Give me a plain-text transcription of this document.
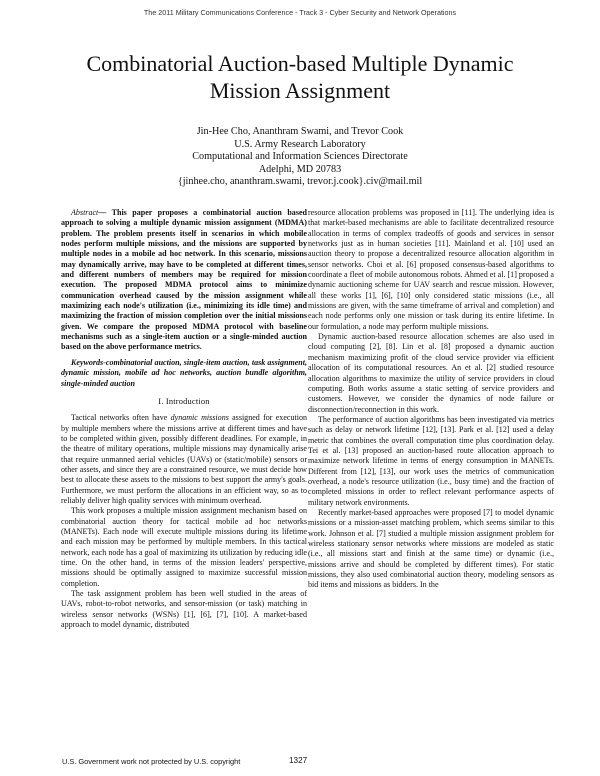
The 2011 Military Communications Conference - Track 3 - Cyber Security and Network Operations
Combinatorial Auction-based Multiple Dynamic
Mission Assignment
Jin-Hee Cho, Ananthram Swami, and Trevor Cook
U.S. Army Research Laboratory
Computational and Information Sciences Directorate
Adelphi, MD 20783
{jinhee.cho, ananthram.swami, trevor.j.cook}.civ@mail.mil

Abstract— This paper proposes a combinatorial auction based approach to solving a multiple dynamic mission assignment (MDMA) problem. The problem presents itself in scenarios in which mobile nodes perform multiple missions, and the missions are supported by multiple nodes in a mobile ad hoc network. In this scenario, missions may dynamically arrive, may have to be completed at different times, and different numbers of members may be required for mission execution. The proposed MDMA protocol aims to minimize communication overhead caused by the mission assignment while maximizing each node's utilization (i.e., minimizing its idle time) and maximizing the fraction of mission completion over the initial missions given. We compare the proposed MDMA protocol with baseline mechanisms such as a single-item auction or a single-minded auction based on the above performance metrics.

Keywords-combinatorial auction, single-item auction, task assignment, dynamic mission, mobile ad hoc networks, auction bundle algorithm, single-minded auction

I. Introduction

Tactical networks often have dynamic missions assigned for execution by multiple members where the missions arrive at different times and have to be completed within given, possibly different deadlines. For example, in the theatre of military operations, multiple missions may dynamically arise that require unmanned aerial vehicles (UAVs) or (static/mobile) sensors or other assets, and since they are a constrained resource, we must decide how best to allocate these assets to the missions to best support the army's goals. Furthermore, we must perform the allocations in an efficient way, so as to reliably deliver high quality services with minimum overhead.

This work proposes a multiple mission assignment mechanism based on combinatorial auction theory for tactical mobile ad hoc networks (MANETs). Each node will execute multiple missions during its lifetime and each mission may be performed by multiple members. In this tactical network, each node has a goal of maximizing its utilization by reducing idle time. On the other hand, in terms of the mission leaders' perspective, missions should be optimally assigned to maximize successful mission completion.

The task assignment problem has been well studied in the areas of UAVs, robot-to-robot networks, and sensor-mission (or task) matching in wireless sensor networks (WSNs) [1], [6], [7], [10]. A market-based approach to model dynamic, distributed

resource allocation problems was proposed in [11]. The underlying idea is that market-based mechanisms are able to facilitate decentralized resource allocation in terms of complex tradeoffs of goods and services in sensor networks just as in human societies [11]. Mainland et al. [10] used an auction theory to propose a decentralized resource allocation algorithm in sensor networks. Choi et al. [6] proposed consensus-based algorithms to coordinate a fleet of mobile autonomous robots. Ahmed et al. [1] proposed a dynamic auctioning scheme for UAV search and rescue mission. However, all these works [1], [6], [10] only considered static missions (i.e., all missions are given, with the same timeframe of arrival and completion) and each node performs only one mission or task during its entire lifetime. In our formulation, a node may perform multiple missions.

Dynamic auction-based resource allocation schemes are also used in cloud computing [2], [8]. Lin et al. [8] proposed a dynamic auction mechanism maximizing profit of the cloud service provider via efficient allocation of its computational resources. An et al. [2] studied resource allocation algorithms to maximize the utility of service providers in cloud computing. Both works assume a static setting of service providers and customers. However, we consider the dynamics of node failure or disconnection/reconnection in this work.

The performance of auction algorithms has been investigated via metrics such as delay or network lifetime [12], [13]. Park et al. [12] used a delay metric that combines the overall computation time plus coordination delay. Tei et al. [13] proposed an auction-based route allocation approach to maximize network lifetime in terms of energy consumption in MANETs. Different from [12], [13], our work uses the metrics of communication overhead, a node's resource utilization (i.e., busy time) and the fraction of completed missions in order to reflect relevant performance aspects of military network environments.

Recently market-based approaches were proposed [7] to model dynamic missions or a mission-asset matching problem, which seems similar to this work. Johnson et al. [7] studied a multiple mission assignment problem for wireless stationary sensor networks where missions are modeled as static (i.e., all missions start and finish at the same time) or dynamic (i.e., missions arrive and should be completed by different times). For static missions, they also used combinatorial auction theory, modeling sensors as bid items and missions as bidders. In the

U.S. Government work not protected by U.S. copyright	1327
